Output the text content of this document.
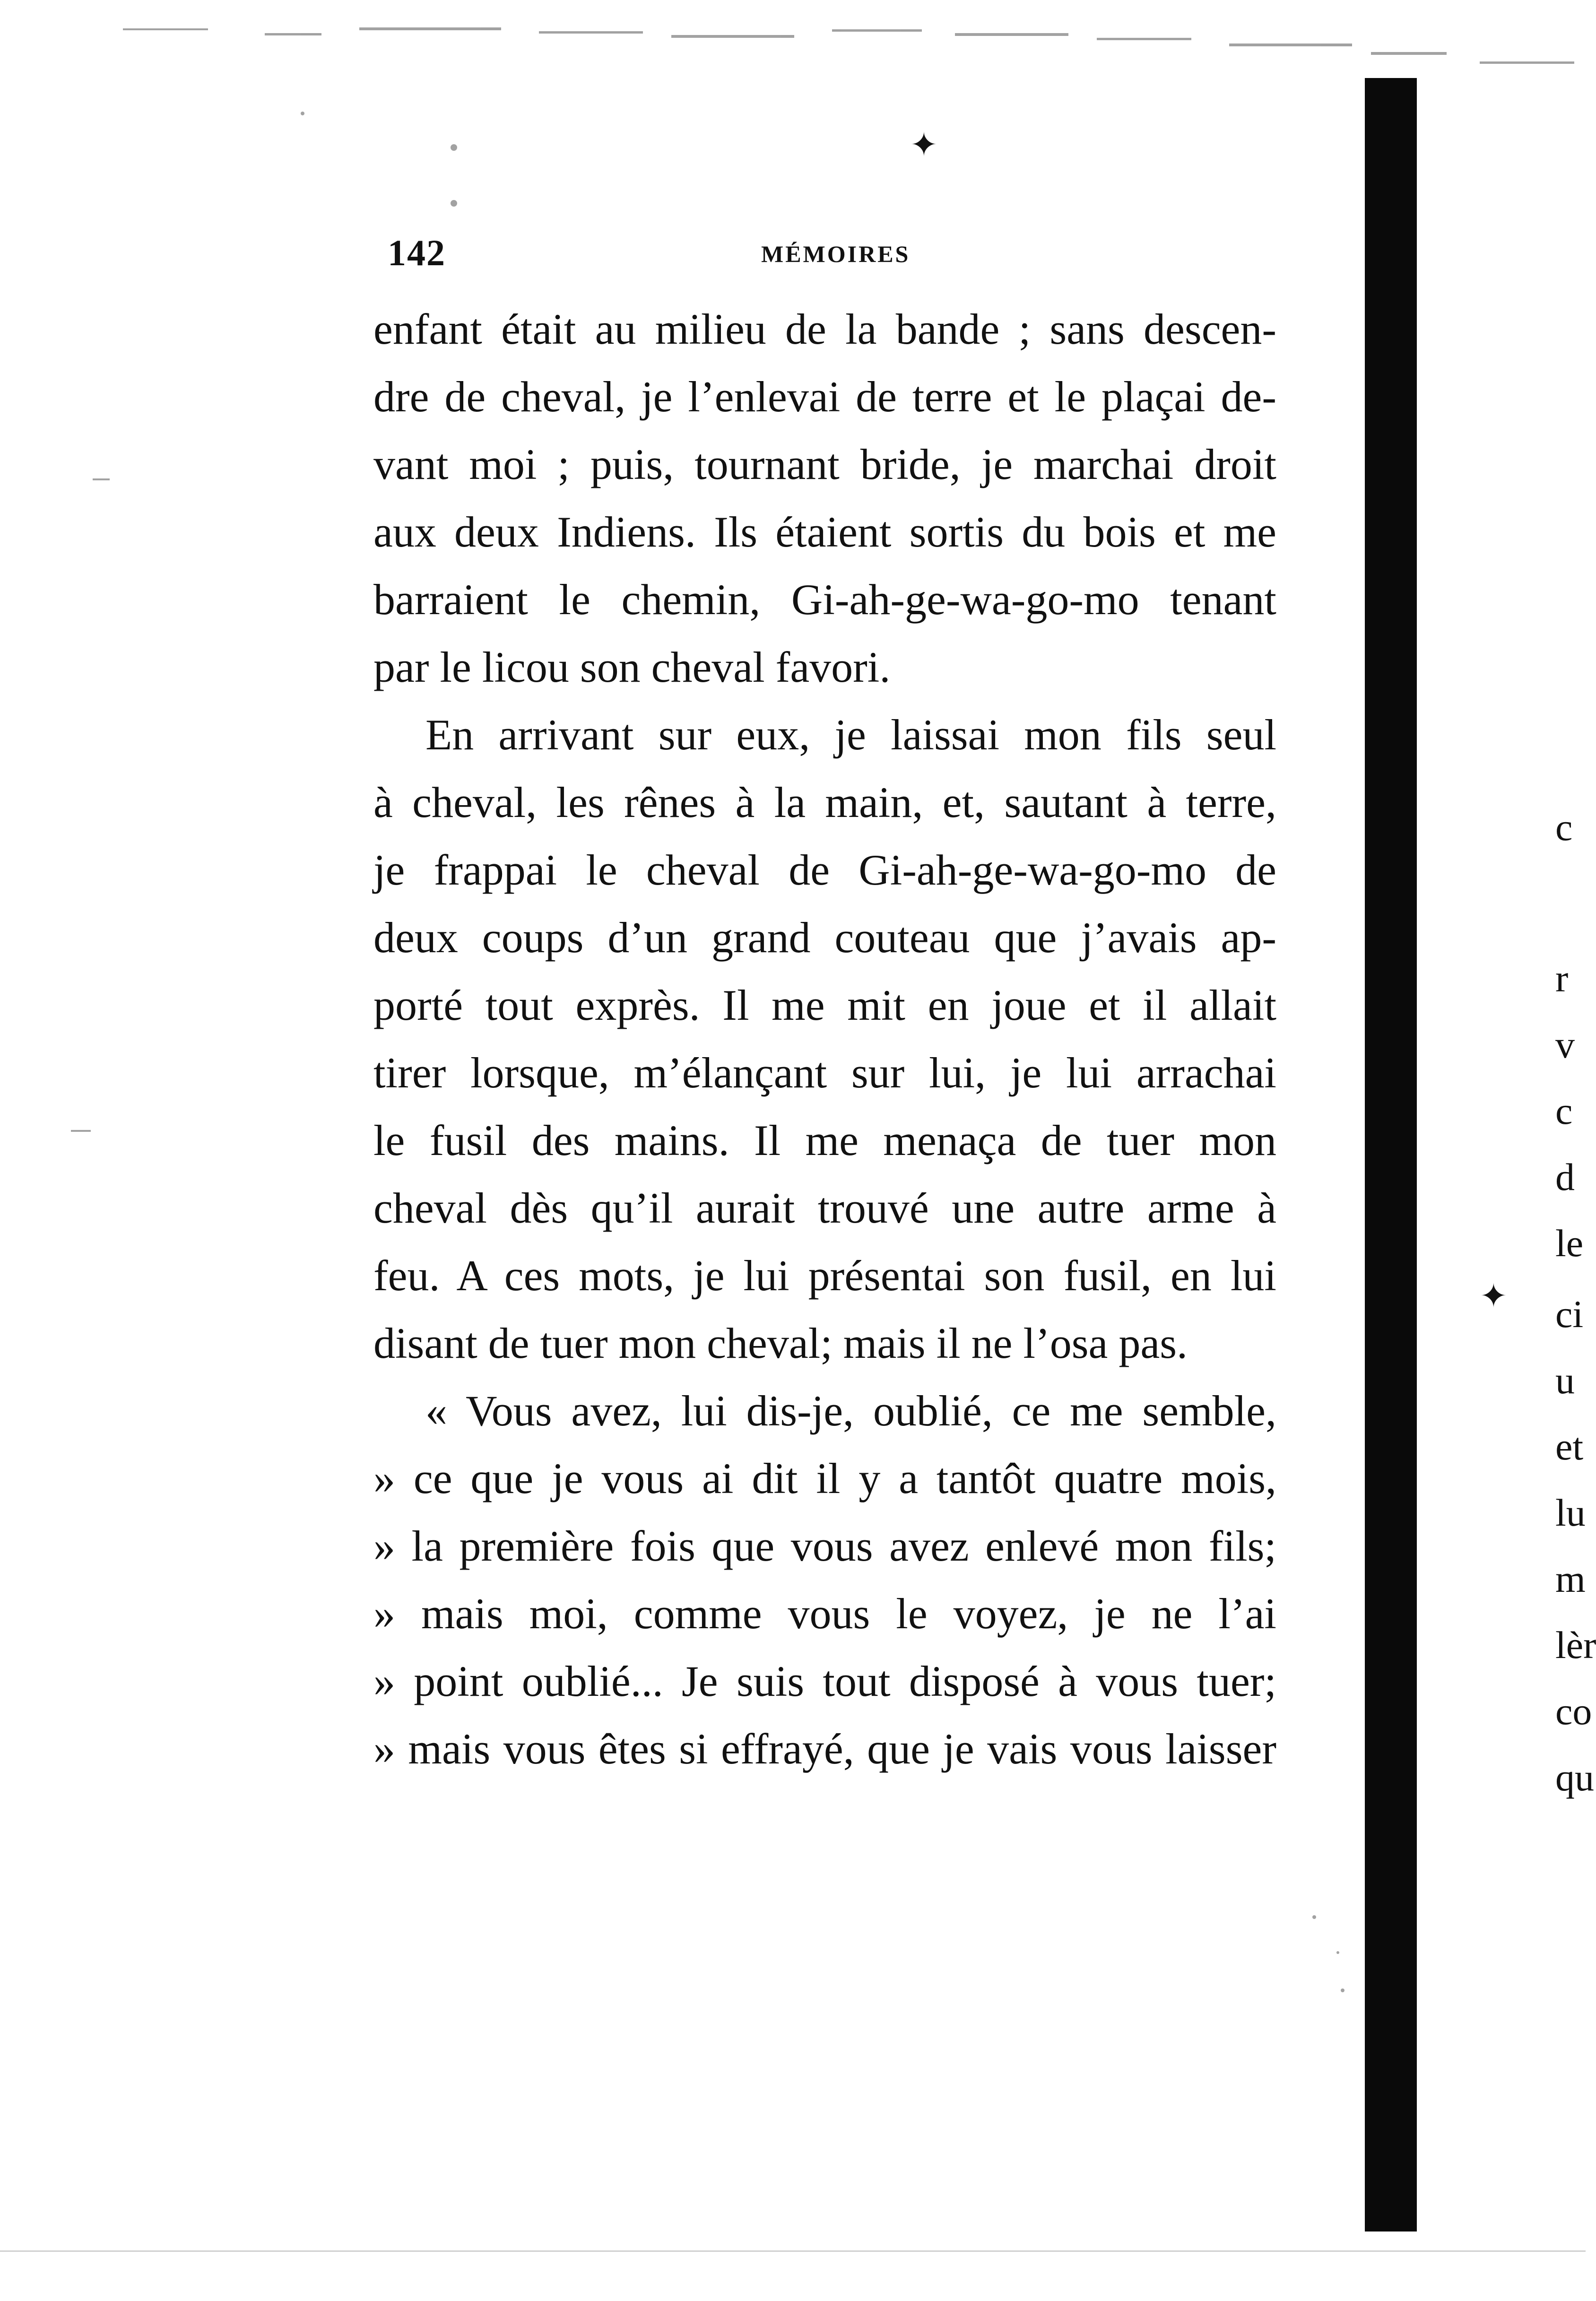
✦
✦
142	MÉMOIRES
enfant était au milieu de la bande ; sans descen-
dre de cheval, je l’enlevai de terre et le plaçai de-
vant moi ; puis, tournant bride, je marchai droit
aux deux Indiens. Ils étaient sortis du bois et me
barraient le chemin, Gi-ah-ge-wa-go-mo tenant
par le licou son cheval favori.
En arrivant sur eux, je laissai mon fils seul
à cheval, les rênes à la main, et, sautant à terre,
je frappai le cheval de Gi-ah-ge-wa-go-mo de
deux coups d’un grand couteau que j’avais ap-
porté tout exprès. Il me mit en joue et il allait
tirer lorsque, m’élançant sur lui, je lui arrachai
le fusil des mains. Il me menaça de tuer mon
cheval dès qu’il aurait trouvé une autre arme à
feu. A ces mots, je lui présentai son fusil, en lui
disant de tuer mon cheval; mais il ne l’osa pas.
« Vous avez, lui dis-je, oublié, ce me semble,
» ce que je vous ai dit il y a tantôt quatre mois,
» la première fois que vous avez enlevé mon fils;
» mais moi, comme vous le voyez, je ne l’ai
» point oublié... Je suis tout disposé à vous tuer;
» mais vous êtes si effrayé, que je vais vous laisser
c
r
v
c
d
le
ci
u
et
lu
m
lèr
co
qu
